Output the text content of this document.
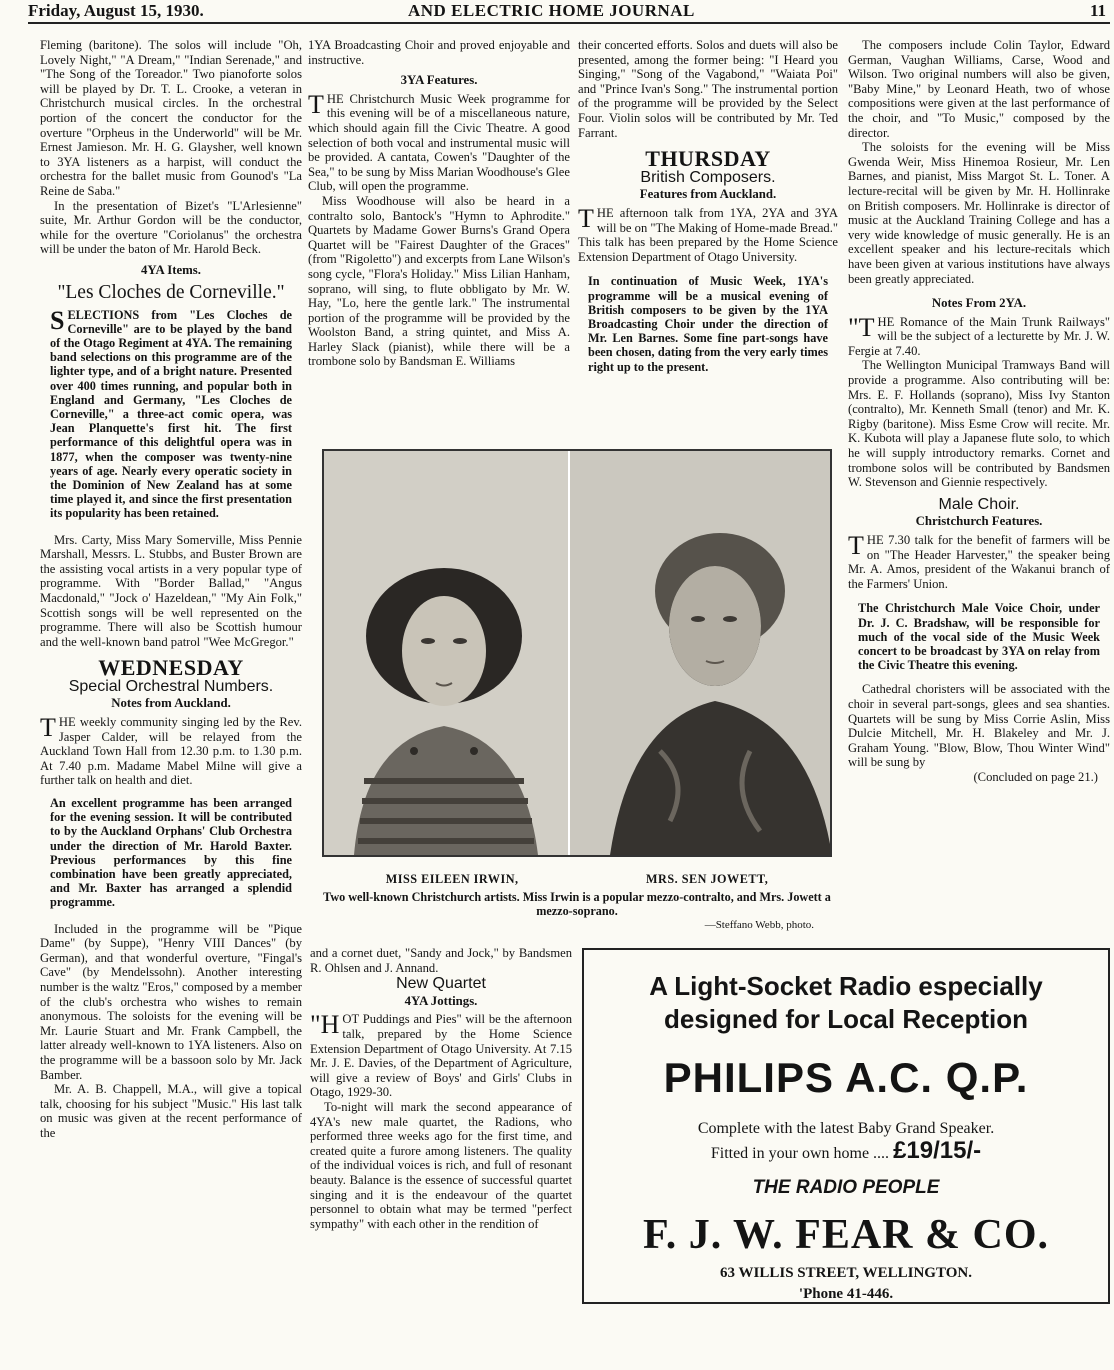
Friday, August 15, 1930.	AND ELECTRIC HOME JOURNAL	11

Fleming (baritone). The solos will include "Oh, Lovely Night," "A Dream," "Indian Serenade," and "The Song of the Toreador." Two pianoforte solos will be played by Dr. T. L. Crooke, a veteran in Christchurch musical circles. In the orchestral portion of the concert the conductor for the overture "Orpheus in the Underworld" will be Mr. Ernest Jamieson. Mr. H. G. Glaysher, well known to 3YA listeners as a harpist, will conduct the orchestra for the ballet music from Gounod's "La Reine de Saba."

In the presentation of Bizet's "L'Arlesienne" suite, Mr. Arthur Gordon will be the conductor, while for the overture "Coriolanus" the orchestra will be under the baton of Mr. Harold Beck.

4YA Items.
"Les Cloches de Corneville."
SELECTIONS from "Les Cloches de Corneville" are to be played by the band of the Otago Regiment at 4YA. The remaining band selections on this programme are of the lighter type, and of a bright nature. Presented over 400 times running, and popular both in England and Germany, "Les Cloches de Corneville," a three-act comic opera, was Jean Planquette's first hit. The first performance of this delightful opera was in 1877, when the composer was twenty-nine years of age. Nearly every operatic society in the Dominion of New Zealand has at some time played it, and since the first presentation its popularity has been retained.

Mrs. Carty, Miss Mary Somerville, Miss Pennie Marshall, Messrs. L. Stubbs, and Buster Brown are the assisting vocal artists in a very popular type of programme. With "Border Ballad," "Angus Macdonald," "Jock o' Hazeldean," "My Ain Folk," Scottish songs will be well represented on the programme. There will also be Scottish humour and the well-known band patrol "Wee McGregor."

WEDNESDAY
Special Orchestral Numbers.
Notes from Auckland.
THE weekly community singing led by the Rev. Jasper Calder, will be relayed from the Auckland Town Hall from 12.30 p.m. to 1.30 p.m. At 7.40 p.m. Madame Mabel Milne will give a further talk on health and diet.
An excellent programme has been arranged for the evening session. It will be contributed to by the Auckland Orphans' Club Orchestra under the direction of Mr. Harold Baxter. Previous performances by this fine combination have been greatly appreciated, and Mr. Baxter has arranged a splendid programme.

Included in the programme will be "Pique Dame" (by Suppe), "Henry VIII Dances" (by German), and that wonderful overture, "Fingal's Cave" (by Mendelssohn). Another interesting number is the waltz "Eros," composed by a member of the club's orchestra who wishes to remain anonymous. The soloists for the evening will be Mr. Laurie Stuart and Mr. Frank Campbell, the latter already well-known to 1YA listeners. Also on the programme will be a bassoon solo by Mr. Jack Bamber.

Mr. A. B. Chappell, M.A., will give a topical talk, choosing for his subject "Music." His last talk on music was given at the recent performance of the

1YA Broadcasting Choir and proved enjoyable and instructive.

3YA Features.
THE Christchurch Music Week programme for this evening will be of a miscellaneous nature, which should again fill the Civic Theatre. A good selection of both vocal and instrumental music will be provided. A cantata, Cowen's "Daughter of the Sea," to be sung by Miss Marian Woodhouse's Glee Club, will open the programme.

Miss Woodhouse will also be heard in a contralto solo, Bantock's "Hymn to Aphrodite." Quartets by Madame Gower Burns's Grand Opera Quartet will be "Fairest Daughter of the Graces" (from "Rigoletto") and excerpts from Lane Wilson's song cycle, "Flora's Holiday." Miss Lilian Hanham, soprano, will sing, to flute obbligato by Mr. W. Hay, "Lo, here the gentle lark." The instrumental portion of the programme will be provided by the Woolston Band, a string quintet, and Miss A. Harley Slack (pianist), while there will be a trombone solo by Bandsman E. Williams

their concerted efforts. Solos and duets will also be presented, among the former being: "I Heard you Singing," "Song of the Vagabond," "Waiata Poi" and "Prince Ivan's Song." The instrumental portion of the programme will be provided by the Select Four. Violin solos will be contributed by Mr. Ted Farrant.

THURSDAY
British Composers.
Features from Auckland.
THE afternoon talk from 1YA, 2YA and 3YA will be on "The Making of Home-made Bread." This talk has been prepared by the Home Science Extension Department of Otago University.
In continuation of Music Week, 1YA's programme will be a musical evening of British composers to be given by the 1YA Broadcasting Choir under the direction of Mr. Len Barnes. Some fine part-songs have been chosen, dating from the very early times right up to the present.

The composers include Colin Taylor, Edward German, Vaughan Williams, Carse, Wood and Wilson. Two original numbers will also be given, "Baby Mine," by Leonard Heath, two of whose compositions were given at the last performance of the choir, and "To Music," composed by the director.

The soloists for the evening will be Miss Gwenda Weir, Miss Hinemoa Rosieur, Mr. Len Barnes, and pianist, Miss Margot St. L. Toner. A lecture-recital will be given by Mr. H. Hollinrake on British composers. Mr. Hollinrake is director of music at the Auckland Training College and has a very wide knowledge of music generally. He is an excellent speaker and his lecture-recitals which have been given at various institutions have always been greatly appreciated.

Notes From 2YA.
"THE Romance of the Main Trunk Railways" will be the subject of a lecturette by Mr. J. W. Fergie at 7.40.

The Wellington Municipal Tramways Band will provide a programme. Also contributing will be: Mrs. E. F. Hollands (soprano), Miss Ivy Stanton (contralto), Mr. Kenneth Small (tenor) and Mr. K. Rigby (baritone). Miss Esme Crow will recite. Mr. K. Kubota will play a Japanese flute solo, to which he will supply introductory remarks. Cornet and trombone solos will be contributed by Bandsmen W. Stevenson and Giennie respectively.

Male Choir.
Christchurch Features.
THE 7.30 talk for the benefit of farmers will be on "The Header Harvester," the speaker being Mr. A. Amos, president of the Wakanui branch of the Farmers' Union.
The Christchurch Male Voice Choir, under Dr. J. C. Bradshaw, will be responsible for much of the vocal side of the Music Week concert to be broadcast by 3YA on relay from the Civic Theatre this evening.

Cathedral choristers will be associated with the choir in several part-songs, glees and sea shanties. Quartets will be sung by Miss Corrie Aslin, Miss Dulcie Mitchell, Mr. H. Blakeley and Mr. J. Graham Young. "Blow, Blow, Thou Winter Wind" will be sung by

(Concluded on page 21.)
MISS EILEEN IRWIN,	MRS. SEN JOWETT,
Two well-known Christchurch artists. Miss Irwin is a popular mezzo-contralto, and Mrs. Jowett a mezzo-soprano.
—Steffano Webb, photo.

and a cornet duet, "Sandy and Jock," by Bandsmen R. Ohlsen and J. Annand.

New Quartet
4YA Jottings.
"HOT Puddings and Pies" will be the afternoon talk, prepared by the Home Science Extension Department of Otago University. At 7.15 Mr. J. E. Davies, of the Department of Agriculture, will give a review of Boys' and Girls' Clubs in Otago, 1929-30.

To-night will mark the second appearance of 4YA's new male quartet, the Radions, who performed three weeks ago for the first time, and created quite a furore among listeners. The quality of the individual voices is rich, and full of resonant beauty. Balance is the essence of successful quartet singing and it is the endeavour of the quartet personnel to obtain what may be termed "perfect sympathy" with each other in the rendition of

A Light-Socket Radio especially
designed for Local Reception
PHILIPS A.C. Q.P.
Complete with the latest Baby Grand Speaker.
Fitted in your own home .... £19/15/-
THE RADIO PEOPLE
F. J. W. FEAR & CO.
63 WILLIS STREET, WELLINGTON.
'Phone 41-446.
